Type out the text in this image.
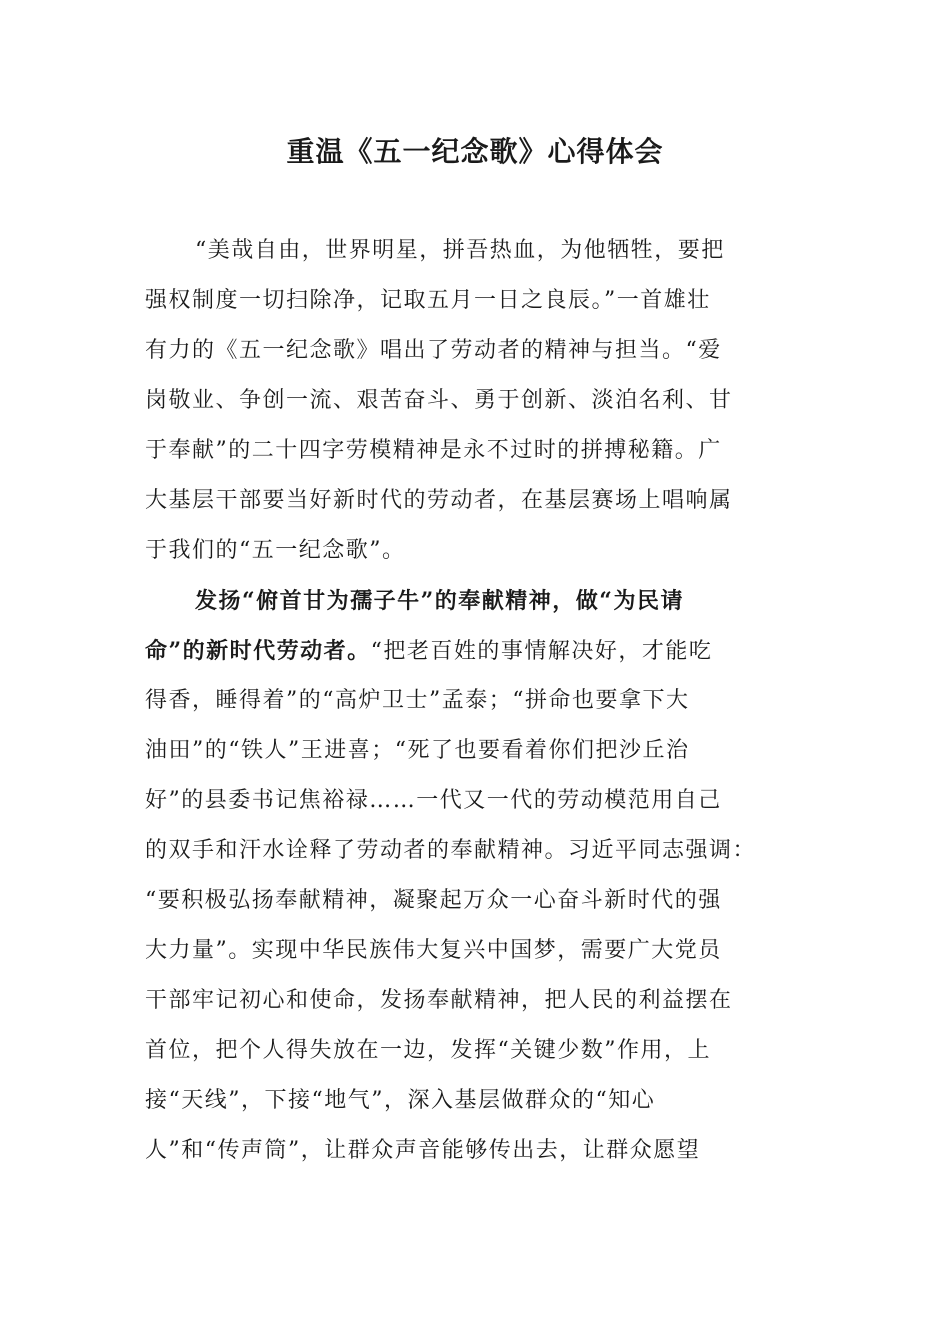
重温《五一纪念歌》心得体会
“美哉自由，世界明星，拼吾热血，为他牺牲，要把
强权制度一切扫除净，记取五月一日之良辰。”一首雄壮
有力的《五一纪念歌》唱出了劳动者的精神与担当。“爱
岗敬业、争创一流、艰苦奋斗、勇于创新、淡泊名利、甘
于奉献”的二十四字劳模精神是永不过时的拼搏秘籍。广
大基层干部要当好新时代的劳动者，在基层赛场上唱响属
于我们的“五一纪念歌”。
发扬“俯首甘为孺子牛”的奉献精神，做“为民请
命”的新时代劳动者。“把老百姓的事情解决好，才能吃
得香，睡得着”的“高炉卫士”孟泰；“拼命也要拿下大
油田”的“铁人”王进喜；“死了也要看着你们把沙丘治
好”的县委书记焦裕禄……一代又一代的劳动模范用自己
的双手和汗水诠释了劳动者的奉献精神。习近平同志强调：
“要积极弘扬奉献精神，凝聚起万众一心奋斗新时代的强
大力量”。实现中华民族伟大复兴中国梦，需要广大党员
干部牢记初心和使命，发扬奉献精神，把人民的利益摆在
首位，把个人得失放在一边，发挥“关键少数”作用，上
接“天线”，下接“地气”，深入基层做群众的“知心
人”和“传声筒”，让群众声音能够传出去，让群众愿望
